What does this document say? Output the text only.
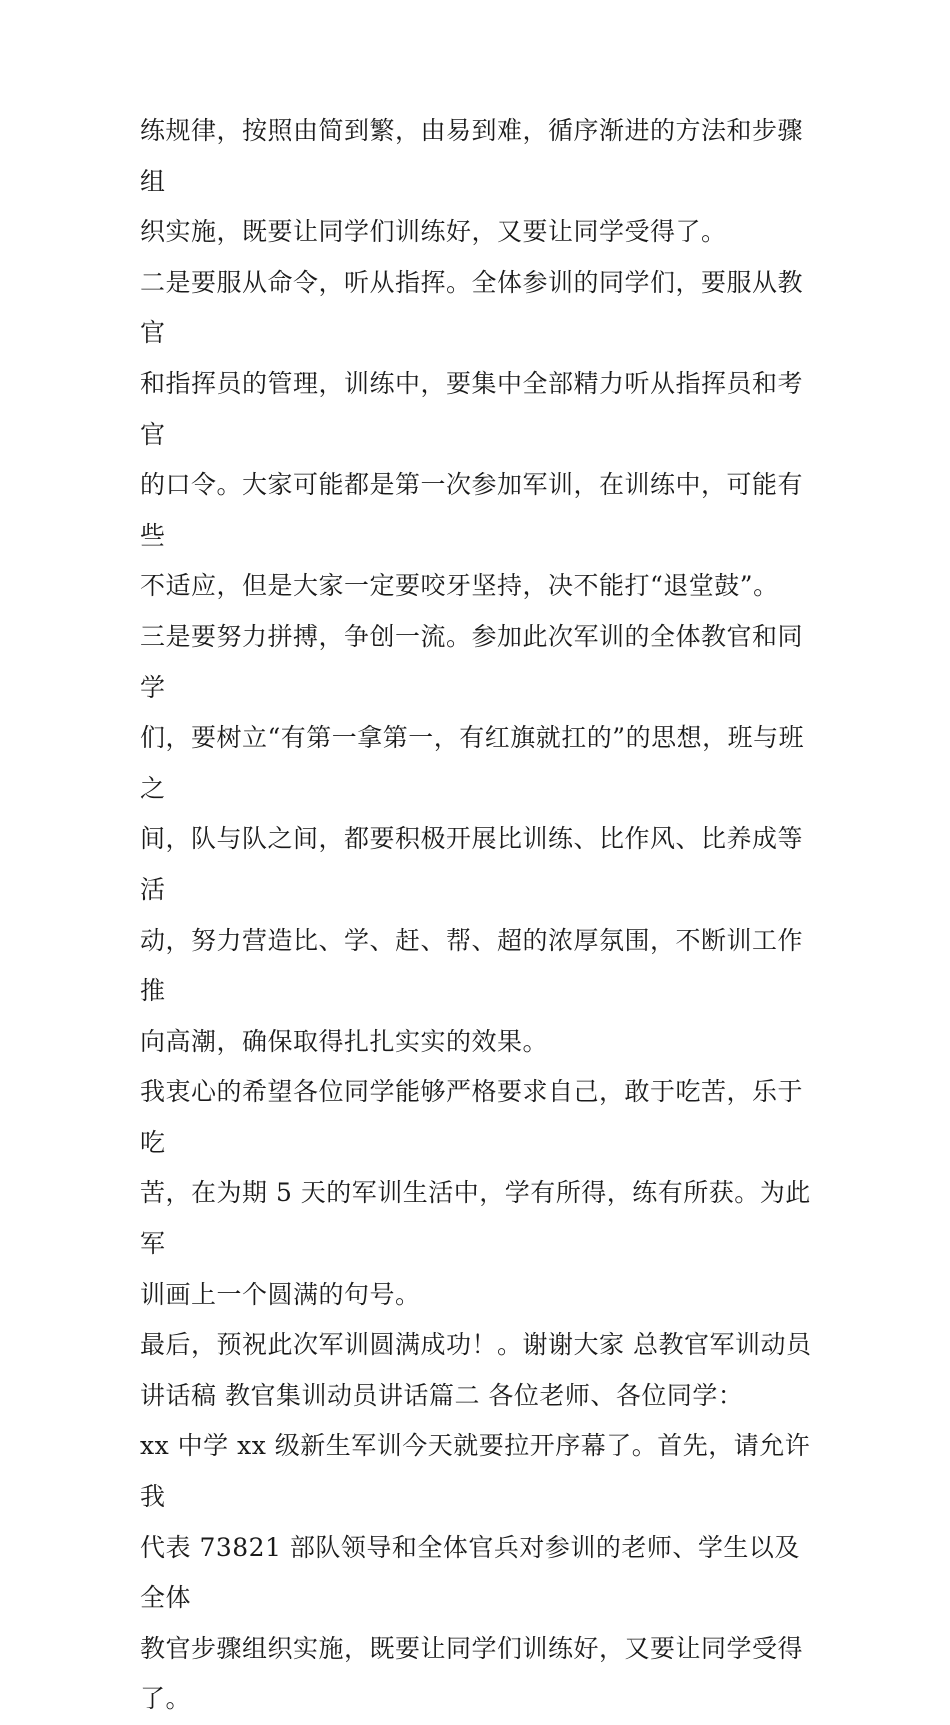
练规律，按照由简到繁，由易到难，循序渐进的方法和步骤组
织实施，既要让同学们训练好，又要让同学受得了。

二是要服从命令，听从指挥。全体参训的同学们，要服从教官
和指挥员的管理，训练中，要集中全部精力听从指挥员和考官
的口令。大家可能都是第一次参加军训，在训练中，可能有些
不适应，但是大家一定要咬牙坚持，决不能打“退堂鼓”。

三是要努力拼搏，争创一流。参加此次军训的全体教官和同学
们，要树立“有第一拿第一，有红旗就扛的”的思想，班与班之
间，队与队之间，都要积极开展比训练、比作风、比养成等活
动，努力营造比、学、赶、帮、超的浓厚氛围，不断训工作推
向高潮，确保取得扎扎实实的效果。

我衷心的希望各位同学能够严格要求自己，敢于吃苦，乐于吃
苦，在为期 5 天的军训生活中，学有所得，练有所获。为此军
训画上一个圆满的句号。

最后，预祝此次军训圆满成功！。谢谢大家 总教官军训动员
讲话稿 教官集训动员讲话篇二 各位老师、各位同学：

xx 中学 xx 级新生军训今天就要拉开序幕了。首先，请允许我
代表 73821 部队领导和全体官兵对参训的老师、学生以及全体
教官步骤组织实施，既要让同学们训练好，又要让同学受得
了。
